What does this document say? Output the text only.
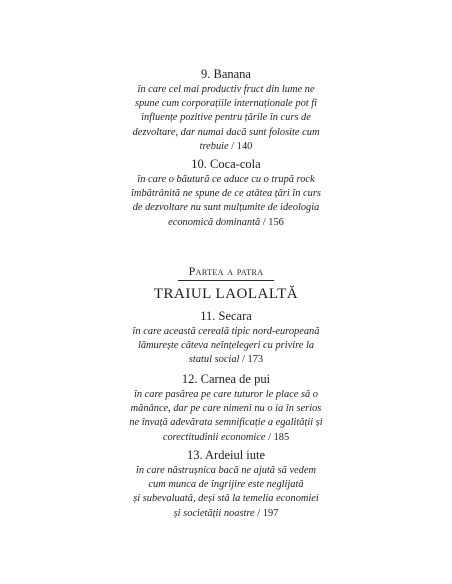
9. Banana
în care cel mai productiv fruct din lume ne
spune cum corporațiile internaționale pot fi
influențe pozitive pentru țările în curs de
dezvoltare, dar numai dacă sunt folosite cum
trebuie / 140
10. Coca-cola
în care o băutură ce aduce cu o trupă rock
îmbătrânită ne spune de ce atâtea țări în curs
de dezvoltare nu sunt mulțumite de ideologia
economică dominantă / 156
Partea a patra
TRAIUL LAOLALTĂ
11. Secara
în care această cereală tipic nord-europeană
lămurește câteva neînțelegeri cu privire la
statul social / 173
12. Carnea de pui
în care pasărea pe care tuturor le place să o
mănânce, dar pe care nimeni nu o ia în serios
ne învață adevărata semnificație a egalității și
corectitudinii economice / 185
13. Ardeiul iute
în care năstrușnica bacă ne ajută să vedem
cum munca de îngrijire este neglijată
și subevaluată, deși stă la temelia economiei
și societății noastre / 197
